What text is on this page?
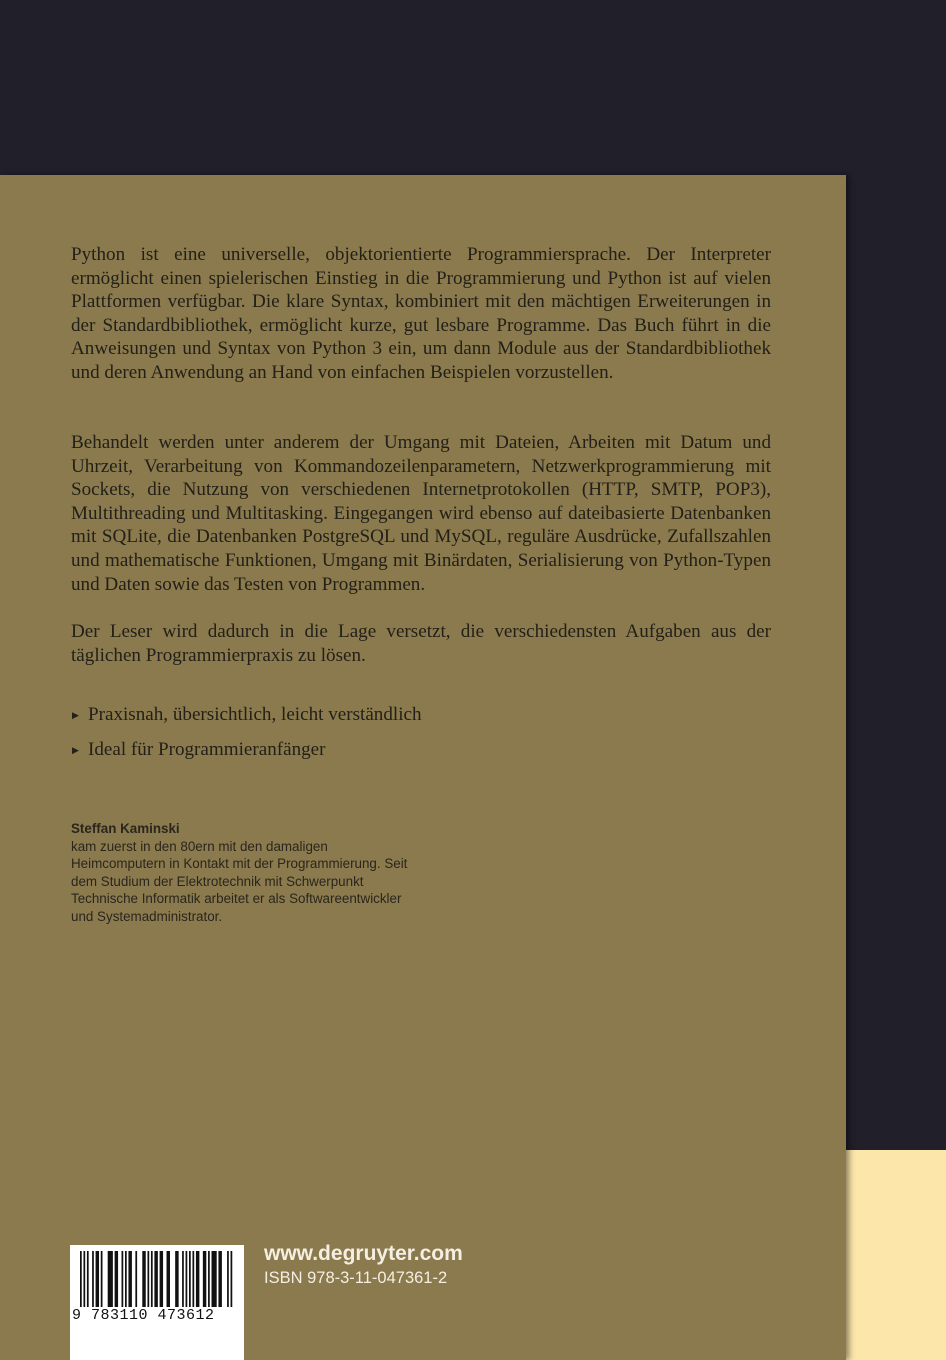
Python ist eine universelle, objektorientierte Programmiersprache. Der Interpreter ermöglicht einen spielerischen Einstieg in die Programmierung und Python ist auf vielen Plattformen verfügbar. Die klare Syntax, kombiniert mit den mächtigen Erweiterungen in der Standardbibliothek, ermöglicht kurze, gut lesbare Programme. Das Buch führt in die Anweisungen und Syntax von Python 3 ein, um dann Module aus der Standardbibliothek und deren Anwendung an Hand von einfachen Beispielen vorzustellen.

Behandelt werden unter anderem der Umgang mit Dateien, Arbeiten mit Datum und Uhrzeit, Verarbeitung von Kommandozeilenparametern, Netzwerkprogrammierung mit Sockets, die Nutzung von verschiedenen Internetprotokollen (HTTP, SMTP, POP3), Multithreading und Multitasking. Eingegangen wird ebenso auf dateibasierte Datenbanken mit SQLite, die Datenbanken PostgreSQL und MySQL, reguläre Ausdrücke, Zufallszahlen und mathematische Funktionen, Umgang mit Binärdaten, Serialisierung von Python-Typen und Daten sowie das Testen von Programmen.

Der Leser wird dadurch in die Lage versetzt, die verschiedensten Aufgaben aus der täglichen Programmierpraxis zu lösen.

▶ Praxisnah, übersichtlich, leicht verständlich
▶ Ideal für Programmieranfänger
Steffan Kaminski
kam zuerst in den 80ern mit den damaligen Heimcomputern in Kontakt mit der Programmierung. Seit dem Studium der Elektrotechnik mit Schwerpunkt Technische Informatik arbeitet er als Softwareentwickler und Systemadministrator.
9 783110 473612
www.degruyter.com
ISBN 978-3-11-047361-2
